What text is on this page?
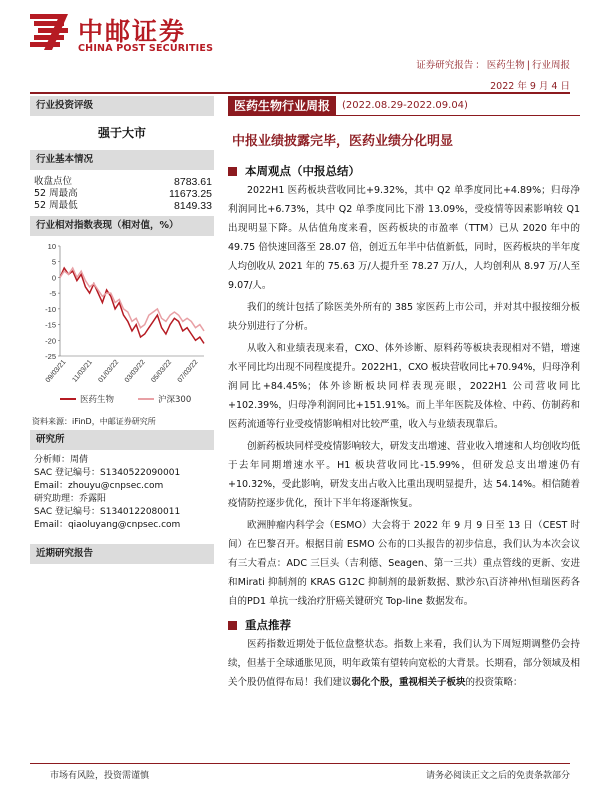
中邮证券
CHINA POST SECURITIES
证券研究报告 ： 医药生物 | 行业周报
2022 年 9 月 4 日
行业投资评级
强于大市
行业基本情况
收盘点位	8783.61
52 周最高	11673.25
52 周最低	8149.33
行业相对指数表现（相对值，%）
10
5
0
-5
-10
-15
-20
-25
09/03/21 11/03/21 01/03/22 03/03/22 05/03/22 07/03/22
医药生物	沪深300
资料来源：iFinD，中邮证券研究所
研究所
分析师：周倩
SAC 登记编号：S1340522090001
Email：zhouyu@cnpsec.com
研究助理：乔露阳
SAC 登记编号：S1340122080011
Email：qiaoluyang@cnpsec.com
近期研究报告
医药生物行业周报	(2022.08.29-2022.09.04)
中报业绩披露完毕，医药业绩分化明显
本周观点（中报总结）

2022H1 医药板块营收同比+9.32%，其中 Q2 单季度同比+4.89%；归母净利润同比+6.73%，其中 Q2 单季度同比下滑 13.09%，受疫情等因素影响较 Q1 出现明显下降。从估值角度来看，医药板块的市盈率（TTM）已从 2020 年中的 49.75 倍快速回落至 28.07 倍，创近五年半中估值新低，同时，医药板块的半年度人均创收从 2021 年的 75.63 万/人提升至 78.27 万/人，人均创利从 8.97 万/人至 9.07/人。

我们的统计包括了除医美外所有的 385 家医药上市公司，并对其中报按细分板块分别进行了分析。

从收入和业绩表现来看，CXO、体外诊断、原料药等板块表现相对不错，增速水平同比均出现不同程度提升。2022H1，CXO 板块营收同比+70.94%，归母净利润同比+84.45%；体外诊断板块同样表现亮眼，2022H1 公司营收同比+102.39%，归母净利润同比+151.91%。而上半年医院及体检、中药、仿制药和医药流通等行业受疫情影响相对比较严重，收入与业绩表现靠后。

创新药板块同样受疫情影响较大，研发支出增速、营业收入增速和人均创收均低于去年同期增速水平。H1 板块营收同比-15.99%，但研发总支出增速仍有+10.32%，受此影响，研发支出占收入比重出现明显提升，达 54.14%。相信随着疫情防控逐步优化，预计下半年将逐渐恢复。

欧洲肿瘤内科学会（ESMO）大会将于 2022 年 9 月 9 日至 13 日（CEST 时间）在巴黎召开。根据目前 ESMO 公布的口头报告的初步信息，我们认为本次会议有三大看点：ADC 三巨头（吉利德、Seagen、第一三共）重点管线的更新、安进和Mirati 抑制剂的 KRAS G12C 抑制剂的最新数据、默沙东\百济神州\恒瑞医药各自的PD1 单抗一线治疗肝癌关键研究 Top-line 数据发布。

重点推荐

医药指数近期处于低位盘整状态。指数上来看，我们认为下周短期调整仍会持续，但基于全球通胀见顶，明年政策有望转向宽松的大背景。长期看，部分领域及相关个股仍值得布局！我们建议弱化个股，重视相关子板块的投资策略：

市场有风险，投资需谨慎	请务必阅读正文之后的免责条款部分
